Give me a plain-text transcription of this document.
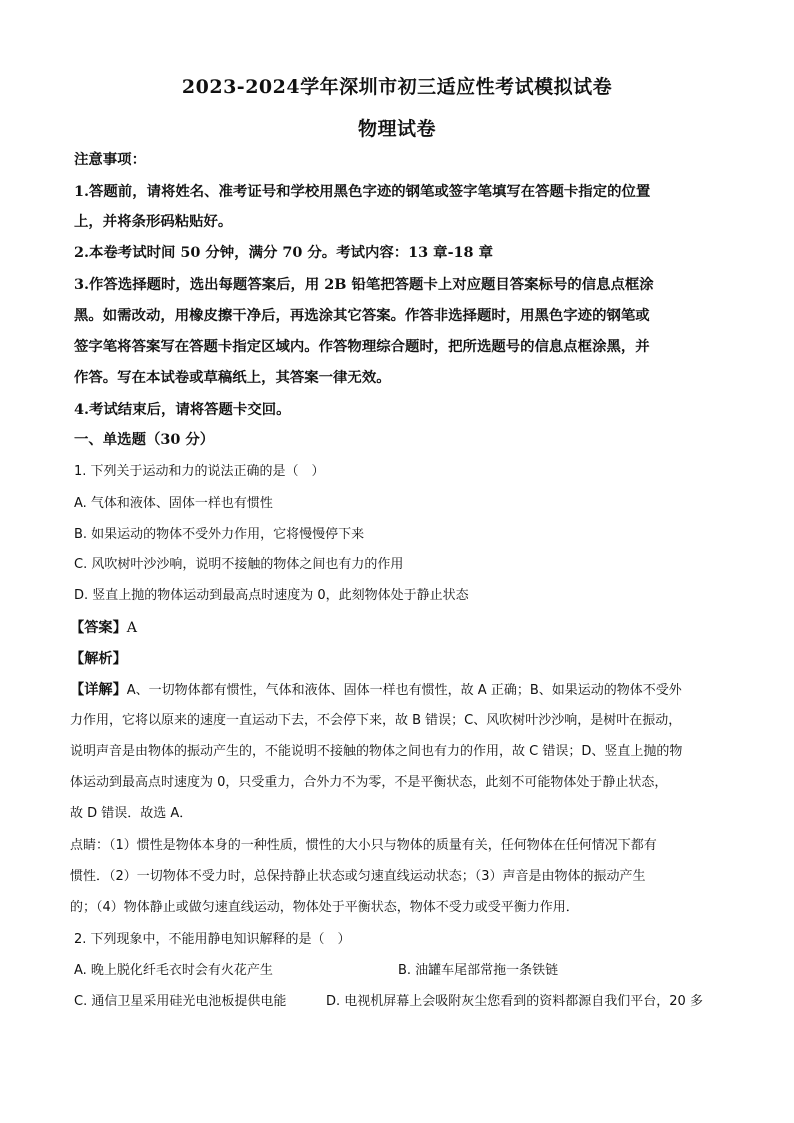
2023-2024学年深圳市初三适应性考试模拟试卷
物理试卷
注意事项：
1.答题前，请将姓名、准考证号和学校用黑色字迹的钢笔或签字笔填写在答题卡指定的位置
上，并将条形码粘贴好。
2.本卷考试时间 50 分钟，满分 70 分。考试内容：13 章-18 章
3.作答选择题时，选出每题答案后，用 2B 铅笔把答题卡上对应题目答案标号的信息点框涂
黑。如需改动，用橡皮擦干净后，再选涂其它答案。作答非选择题时，用黑色字迹的钢笔或
签字笔将答案写在答题卡指定区域内。作答物理综合题时，把所选题号的信息点框涂黑，并
作答。写在本试卷或草稿纸上，其答案一律无效。
4.考试结束后，请将答题卡交回。
一、单选题（30 分）
1. 下列关于运动和力的说法正确的是（　）
A. 气体和液体、固体一样也有惯性
B. 如果运动的物体不受外力作用，它将慢慢停下来
C. 风吹树叶沙沙响，说明不接触的物体之间也有力的作用
D. 竖直上抛的物体运动到最高点时速度为 0，此刻物体处于静止状态
【答案】A
【解析】
【详解】A、一切物体都有惯性，气体和液体、固体一样也有惯性，故 A 正确；B、如果运动的物体不受外
力作用，它将以原来的速度一直运动下去，不会停下来，故 B 错误；C、风吹树叶沙沙响，是树叶在振动，
说明声音是由物体的振动产生的，不能说明不接触的物体之间也有力的作用，故 C 错误；D、竖直上抛的物
体运动到最高点时速度为 0，只受重力，合外力不为零，不是平衡状态，此刻不可能物体处于静止状态，
故 D 错误．故选 A．
点睛：（1）惯性是物体本身的一种性质，惯性的大小只与物体的质量有关，任何物体在任何情况下都有
惯性．（2）一切物体不受力时，总保持静止状态或匀速直线运动状态；（3）声音是由物体的振动产生
的；（4）物体静止或做匀速直线运动，物体处于平衡状态，物体不受力或受平衡力作用．
2. 下列现象中，不能用静电知识解释的是（　）
A. 晚上脱化纤毛衣时会有火花产生	B. 油罐车尾部常拖一条铁链
C. 通信卫星采用硅光电池板提供电能	D. 电视机屏幕上会吸附灰尘您看到的资料都源自我们平台，20 多
